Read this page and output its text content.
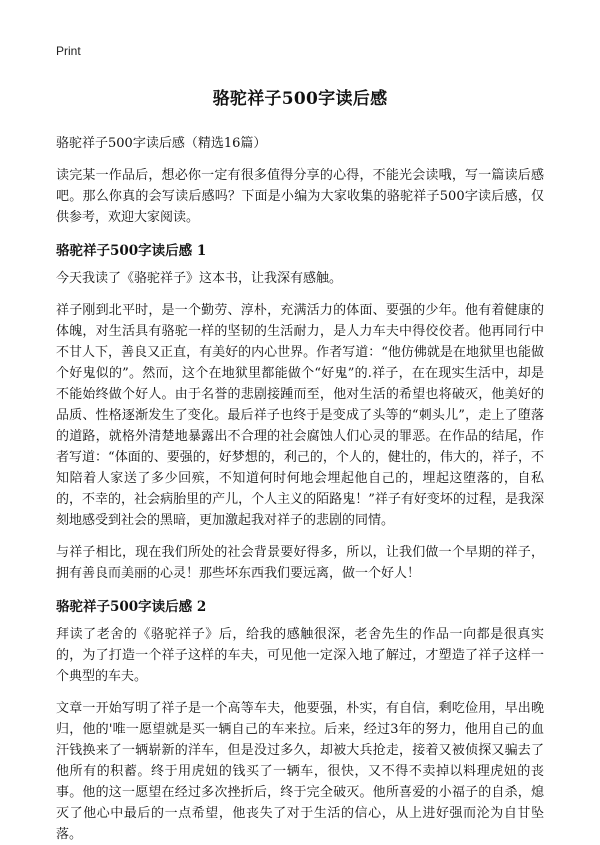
Print
骆驼祥子500字读后感
骆驼祥子500字读后感（精选16篇）

读完某一作品后，想必你一定有很多值得分享的心得，不能光会读哦，写一篇读后感吧。那么你真的会写读后感吗？下面是小编为大家收集的骆驼祥子500字读后感，仅供参考，欢迎大家阅读。

骆驼祥子500字读后感 1

今天我读了《骆驼祥子》这本书，让我深有感触。

祥子刚到北平时，是一个勤劳、淳朴，充满活力的体面、要强的少年。他有着健康的体魄，对生活具有骆驼一样的坚韧的生活耐力，是人力车夫中得佼佼者。他再同行中不甘人下，善良又正直，有美好的内心世界。作者写道：“他仿佛就是在地狱里也能做个好鬼似的”。然而，这个在地狱里都能做个“好鬼”的.祥子，在在现实生活中，却是不能始终做个好人。由于名誉的悲剧接踵而至，他对生活的希望也将破灭，他美好的品质、性格逐渐发生了变化。最后祥子也终于是变成了头等的“刺头儿”，走上了堕落的道路，就格外清楚地暴露出不合理的社会腐蚀人们心灵的罪恶。在作品的结尾，作者写道：“体面的、要强的，好梦想的，利己的，个人的，健壮的，伟大的，祥子，不知陪着人家送了多少回殡，不知道何时何地会埋起他自己的，埋起这堕落的，自私的，不幸的，社会病胎里的产儿，个人主义的陌路鬼！”祥子有好变坏的过程，是我深刻地感受到社会的黑暗，更加激起我对祥子的悲剧的同情。

与祥子相比，现在我们所处的社会背景要好得多，所以，让我们做一个早期的祥子，拥有善良而美丽的心灵！那些坏东西我们要远离，做一个好人！

骆驼祥子500字读后感 2

拜读了老舍的《骆驼祥子》后，给我的感触很深，老舍先生的作品一向都是很真实的，为了打造一个祥子这样的车夫，可见他一定深入地了解过，才塑造了祥子这样一个典型的车夫。

文章一开始写明了祥子是一个高等车夫，他要强，朴实，有自信，剩吃俭用，早出晚归，他的'唯一愿望就是买一辆自己的车来拉。后来，经过3年的努力，他用自己的血汗钱换来了一辆崭新的洋车，但是没过多久，却被大兵抢走，接着又被侦探又骗去了他所有的积蓄。终于用虎妞的钱买了一辆车，很快，又不得不卖掉以料理虎妞的丧事。他的这一愿望在经过多次挫折后，终于完全破灭。他所喜爱的小福子的自杀，熄灭了他心中最后的一点希望，他丧失了对于生活的信心，从上进好强而沦为自甘坠落。
